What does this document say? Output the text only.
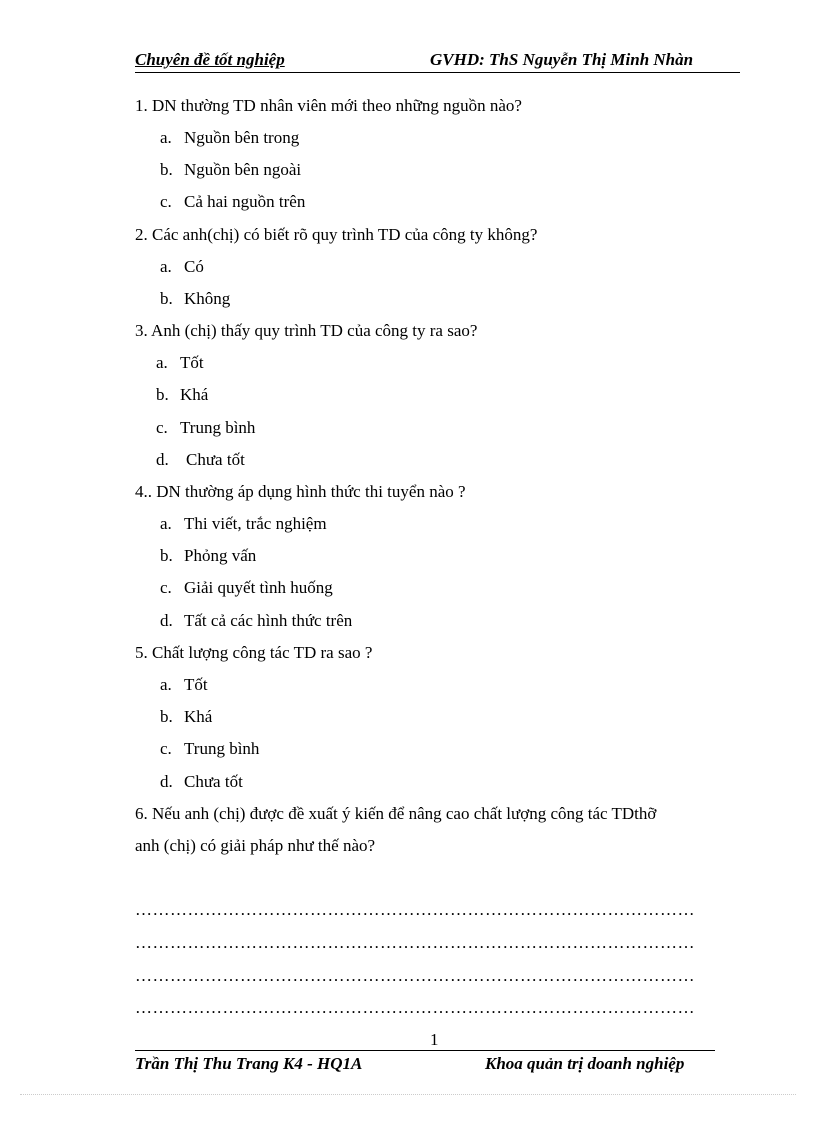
Chuyên đề tốt nghiệp	GVHD: ThS Nguyễn Thị Minh Nhàn
1. DN thường TD nhân viên mới theo những nguồn nào?
a. Nguồn bên trong
b. Nguồn bên ngoài
c. Cả hai nguồn trên
2. Các anh(chị) có biết rõ quy trình TD của công ty không?
a. Có
b. Không
3. Anh (chị) thấy quy trình TD của công ty ra sao?
a. Tốt
b. Khá
c. Trung bình
d. Chưa tốt
4.. DN thường áp dụng hình thức thi tuyển nào ?
a. Thi viết, trắc nghiệm
b. Phỏng vấn
c. Giải quyết tình huống
d. Tất cả các hình thức trên
5. Chất lượng công tác TD ra sao ?
a. Tốt
b. Khá
c. Trung bình
d. Chưa tốt
6. Nếu anh (chị) được đề xuất ý kiến để nâng cao chất lượng công tác TDthỡ
anh (chị) có giải pháp như thế nào?
……………………………………………………………………………………
……………………………………………………………………………………
……………………………………………………………………………………
……………………………………………………………………………………
1
Trần Thị Thu Trang K4 - HQ1A	Khoa quản trị doanh nghiệp
